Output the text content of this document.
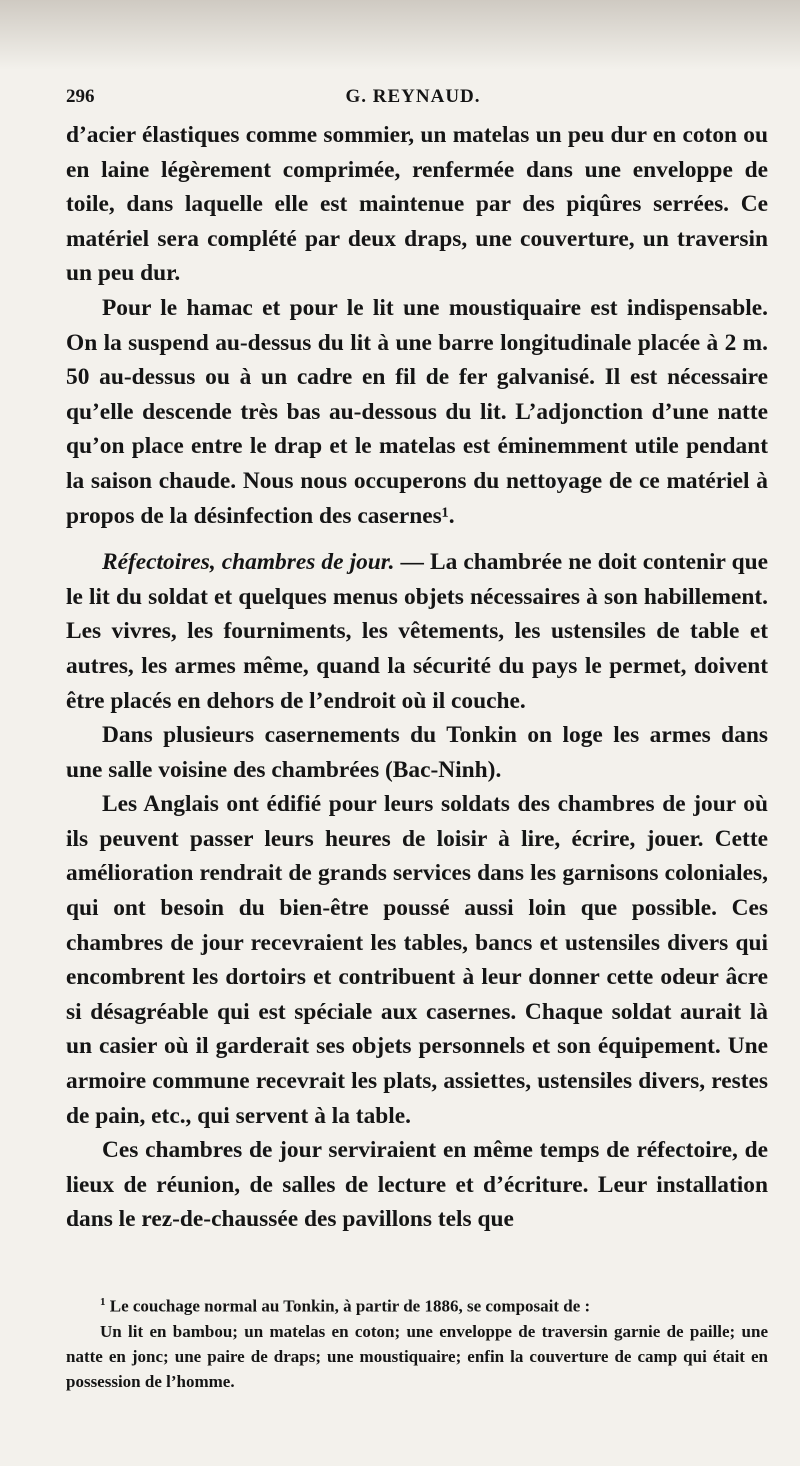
296	G. REYNAUD.

d’acier élastiques comme sommier, un matelas un peu dur en coton ou en laine légèrement comprimée, renfermée dans une enveloppe de toile, dans laquelle elle est maintenue par des piqûres serrées. Ce matériel sera complété par deux draps, une couverture, un traversin un peu dur.

Pour le hamac et pour le lit une moustiquaire est indispensable. On la suspend au-dessus du lit à une barre longitudinale placée à 2 m. 50 au-dessus ou à un cadre en fil de fer galvanisé. Il est nécessaire qu’elle descende très bas au-dessous du lit. L’adjonction d’une natte qu’on place entre le drap et le matelas est éminemment utile pendant la saison chaude. Nous nous occuperons du nettoyage de ce matériel à propos de la désinfection des casernes¹.

Réfectoires, chambres de jour. — La chambrée ne doit contenir que le lit du soldat et quelques menus objets nécessaires à son habillement. Les vivres, les fourniments, les vêtements, les ustensiles de table et autres, les armes même, quand la sécurité du pays le permet, doivent être placés en dehors de l’endroit où il couche.

Dans plusieurs casernements du Tonkin on loge les armes dans une salle voisine des chambrées (Bac-Ninh).

Les Anglais ont édifié pour leurs soldats des chambres de jour où ils peuvent passer leurs heures de loisir à lire, écrire, jouer. Cette amélioration rendrait de grands services dans les garnisons coloniales, qui ont besoin du bien-être poussé aussi loin que possible. Ces chambres de jour recevraient les tables, bancs et ustensiles divers qui encombrent les dortoirs et contribuent à leur donner cette odeur âcre si désagréable qui est spéciale aux casernes. Chaque soldat aurait là un casier où il garderait ses objets personnels et son équipement. Une armoire commune recevrait les plats, assiettes, ustensiles divers, restes de pain, etc., qui servent à la table.

Ces chambres de jour serviraient en même temps de réfectoire, de lieux de réunion, de salles de lecture et d’écriture. Leur installation dans le rez-de-chaussée des pavillons tels que

$^1$ Le couchage normal au Tonkin, à partir de 1886, se composait de :

Un lit en bambou; un matelas en coton; une enveloppe de traversin garnie de paille; une natte en jonc; une paire de draps; une moustiquaire; enfin la couverture de camp qui était en possession de l’homme.
